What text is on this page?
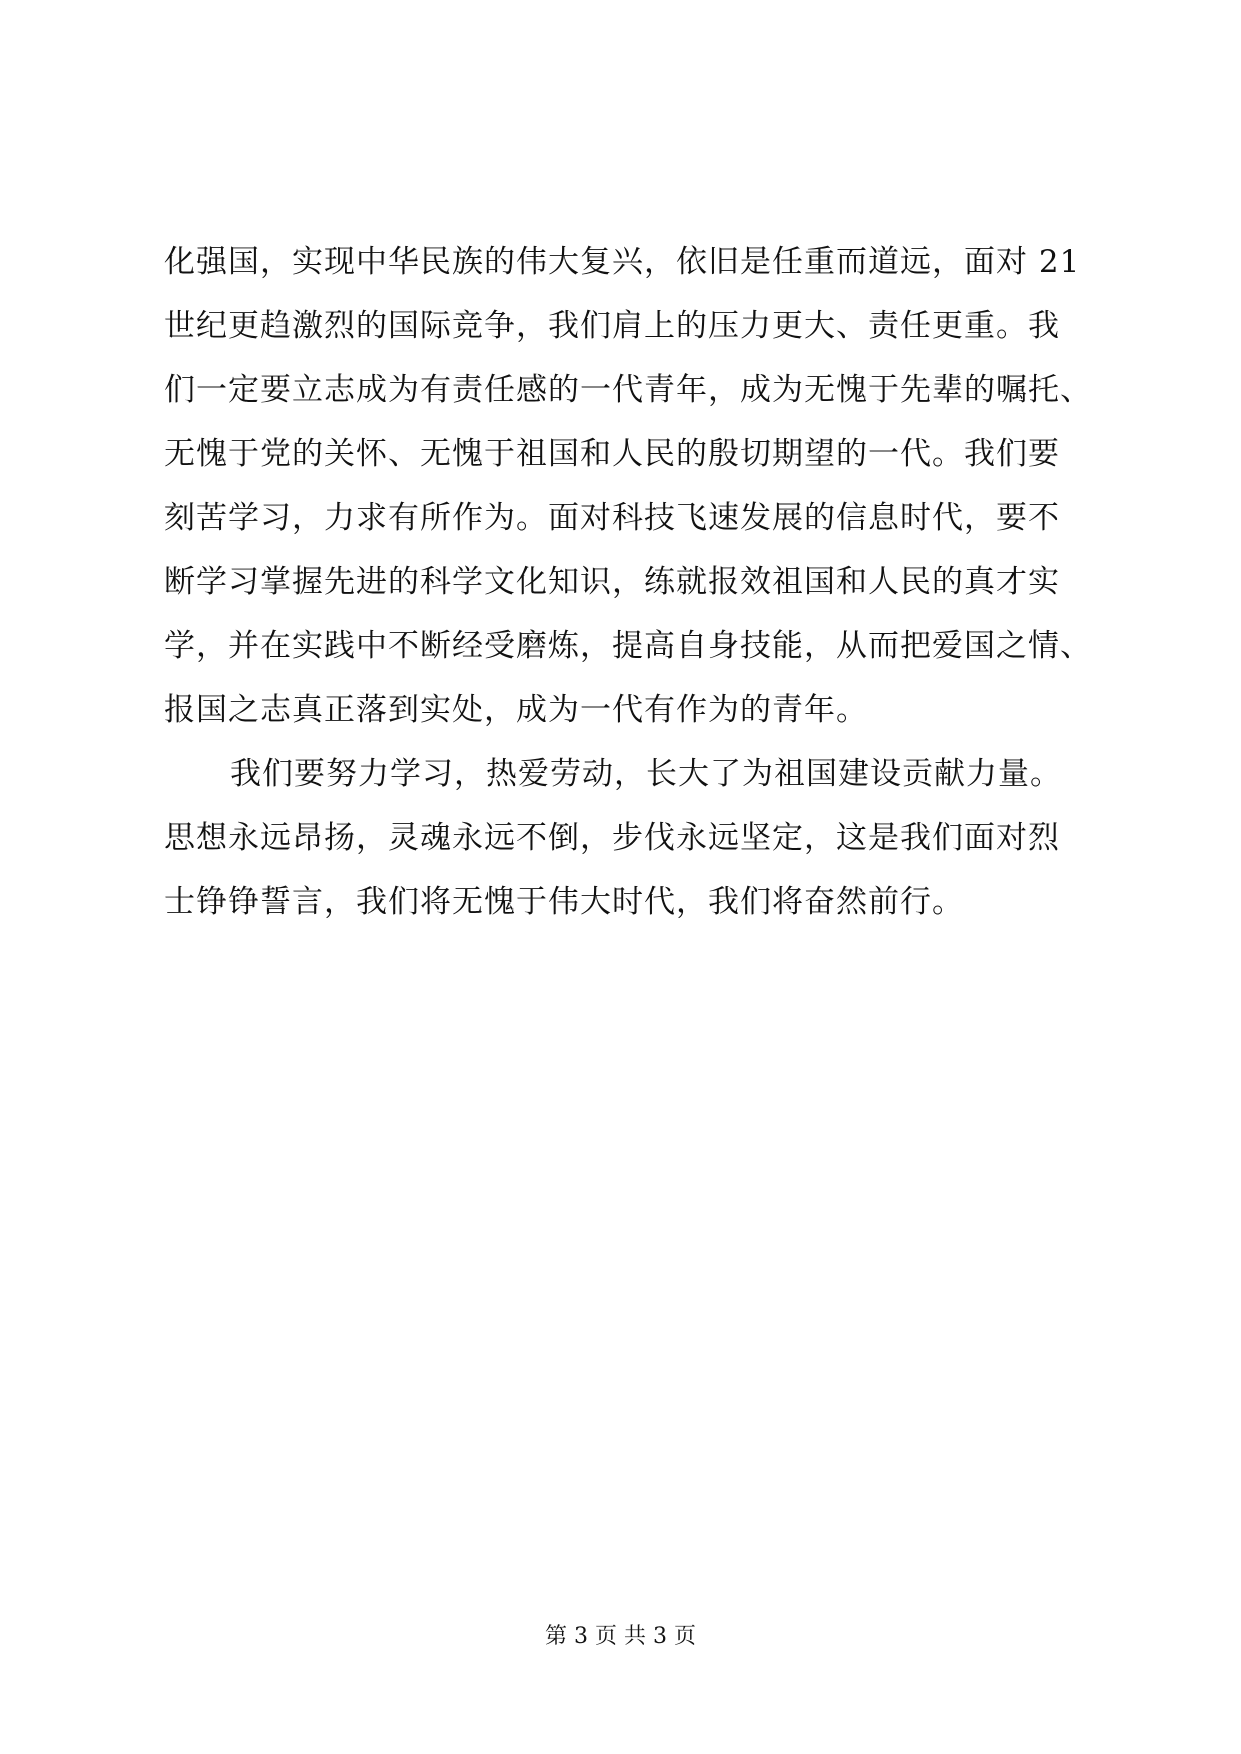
化强国，实现中华民族的伟大复兴，依旧是任重而道远，面对 21
世纪更趋激烈的国际竞争，我们肩上的压力更大、责任更重。我
们一定要立志成为有责任感的一代青年，成为无愧于先辈的嘱托、
无愧于党的关怀、无愧于祖国和人民的殷切期望的一代。我们要
刻苦学习，力求有所作为。面对科技飞速发展的信息时代，要不
断学习掌握先进的科学文化知识，练就报效祖国和人民的真才实
学，并在实践中不断经受磨炼，提高自身技能，从而把爱国之情、
报国之志真正落到实处，成为一代有作为的青年。
我们要努力学习，热爱劳动，长大了为祖国建设贡献力量。
思想永远昂扬，灵魂永远不倒，步伐永远坚定，这是我们面对烈
士铮铮誓言，我们将无愧于伟大时代，我们将奋然前行。
第 3 页 共 3 页
